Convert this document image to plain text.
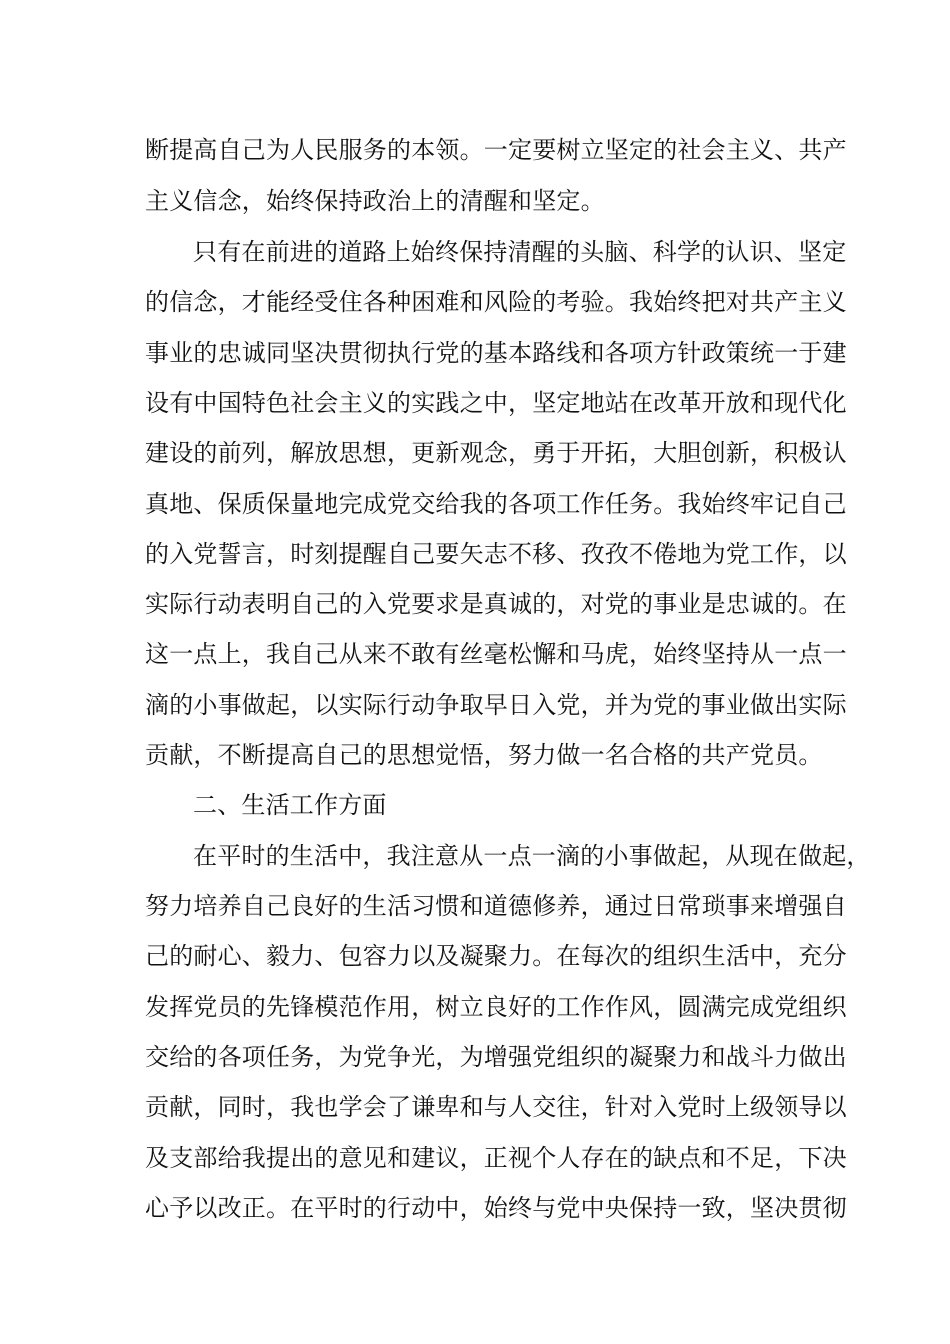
断提高自己为人民服务的本领。一定要树立坚定的社会主义、共产
主义信念，始终保持政治上的清醒和坚定。
只有在前进的道路上始终保持清醒的头脑、科学的认识、坚定
的信念，才能经受住各种困难和风险的考验。我始终把对共产主义
事业的忠诚同坚决贯彻执行党的基本路线和各项方针政策统一于建
设有中国特色社会主义的实践之中，坚定地站在改革开放和现代化
建设的前列，解放思想，更新观念，勇于开拓，大胆创新，积极认
真地、保质保量地完成党交给我的各项工作任务。我始终牢记自己
的入党誓言，时刻提醒自己要矢志不移、孜孜不倦地为党工作，以
实际行动表明自己的入党要求是真诚的，对党的事业是忠诚的。在
这一点上，我自己从来不敢有丝毫松懈和马虎，始终坚持从一点一
滴的小事做起，以实际行动争取早日入党，并为党的事业做出实际
贡献，不断提高自己的思想觉悟，努力做一名合格的共产党员。
二、生活工作方面
在平时的生活中，我注意从一点一滴的小事做起，从现在做起，
努力培养自己良好的生活习惯和道德修养，通过日常琐事来增强自
己的耐心、毅力、包容力以及凝聚力。在每次的组织生活中，充分
发挥党员的先锋模范作用，树立良好的工作作风，圆满完成党组织
交给的各项任务，为党争光，为增强党组织的凝聚力和战斗力做出
贡献，同时，我也学会了谦卑和与人交往，针对入党时上级领导以
及支部给我提出的意见和建议，正视个人存在的缺点和不足，下决
心予以改正。在平时的行动中，始终与党中央保持一致，坚决贯彻
